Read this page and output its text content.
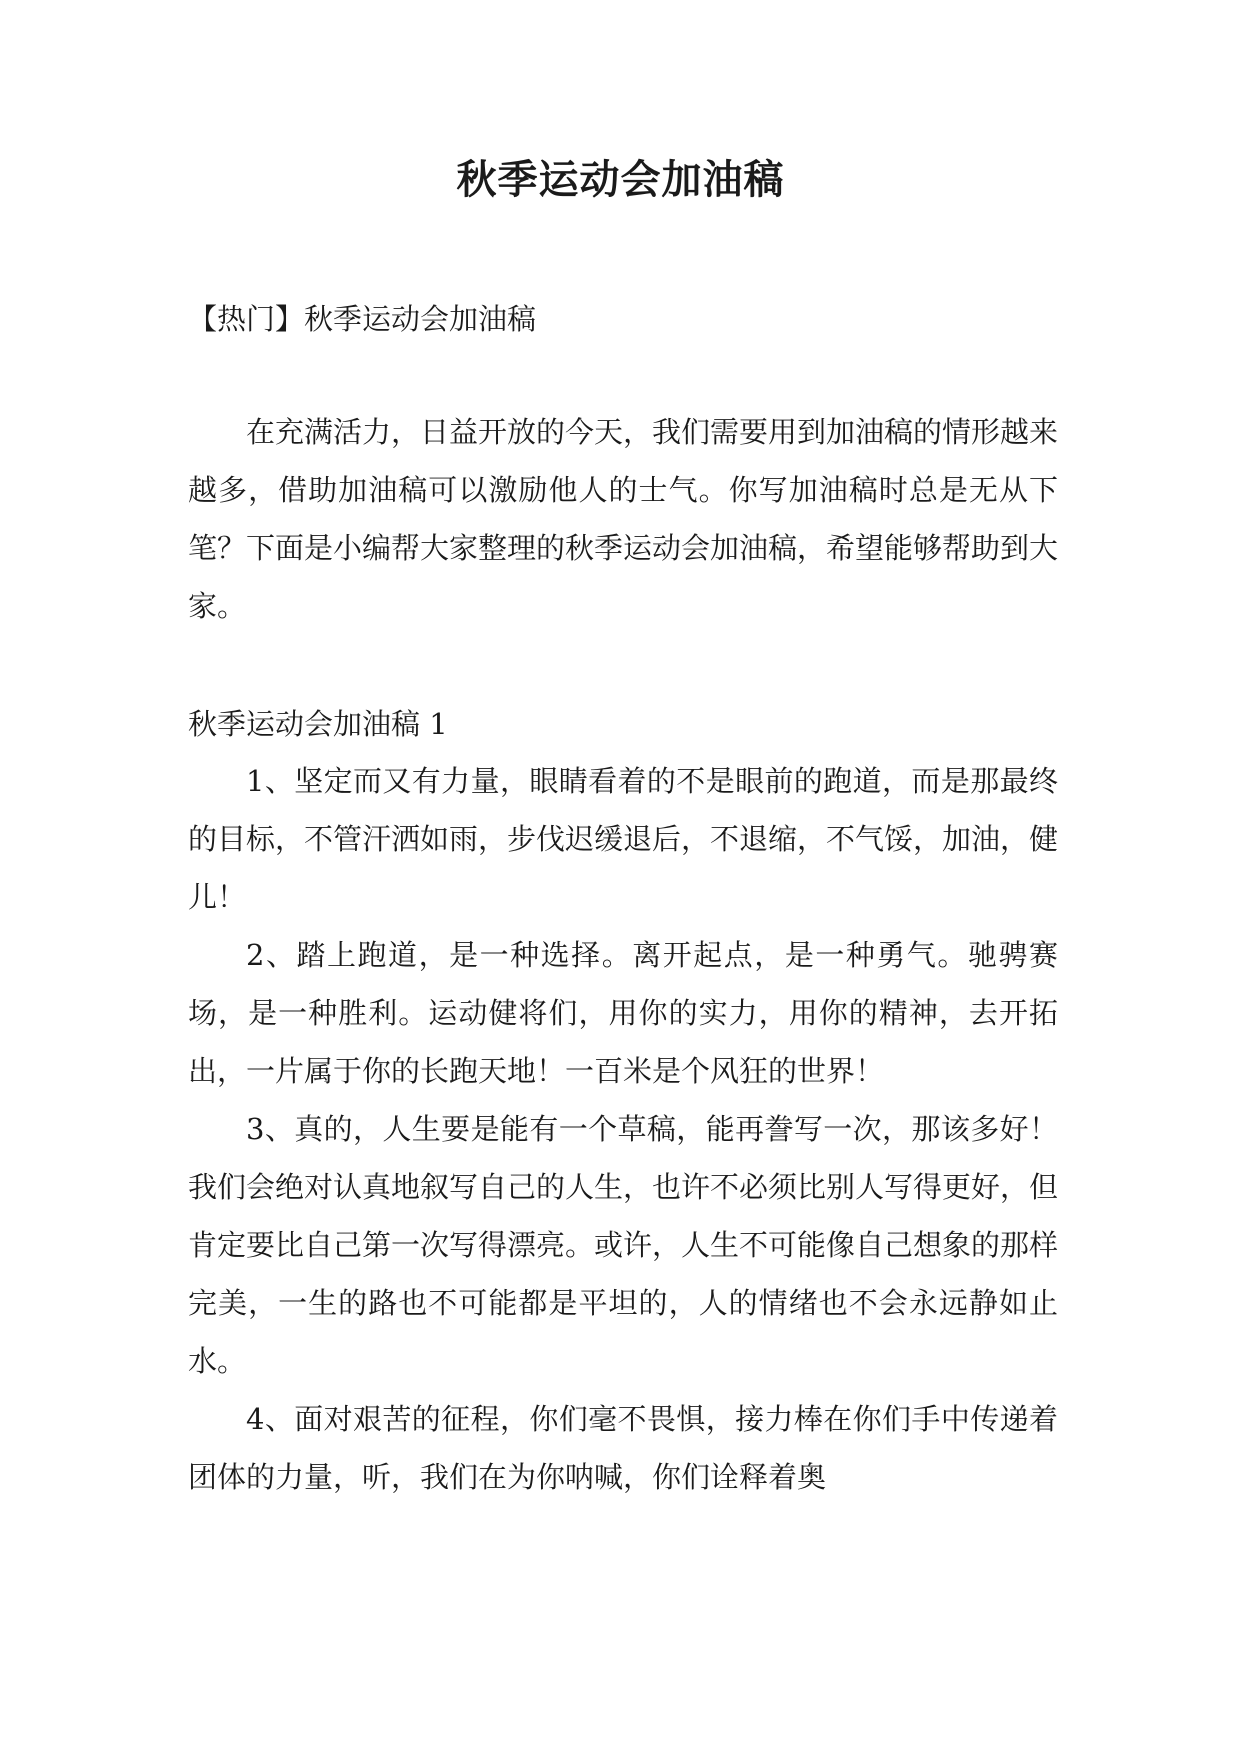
秋季运动会加油稿

【热门】秋季运动会加油稿

在充满活力，日益开放的今天，我们需要用到加油稿的情形越来越多，借助加油稿可以激励他人的士气。你写加油稿时总是无从下笔？下面是小编帮大家整理的秋季运动会加油稿，希望能够帮助到大家。

秋季运动会加油稿 1

1、坚定而又有力量，眼睛看着的不是眼前的跑道，而是那最终的目标，不管汗洒如雨，步伐迟缓退后，不退缩，不气馁，加油，健儿！

2、踏上跑道，是一种选择。离开起点，是一种勇气。驰骋赛场，是一种胜利。运动健将们，用你的实力，用你的精神，去开拓出，一片属于你的长跑天地！一百米是个风狂的世界！

3、真的，人生要是能有一个草稿，能再誊写一次，那该多好！我们会绝对认真地叙写自己的人生，也许不必须比别人写得更好，但肯定要比自己第一次写得漂亮。或许，人生不可能像自己想象的那样完美，一生的路也不可能都是平坦的，人的情绪也不会永远静如止水。

4、面对艰苦的征程，你们毫不畏惧，接力棒在你们手中传递着团体的力量，听，我们在为你呐喊，你们诠释着奥
